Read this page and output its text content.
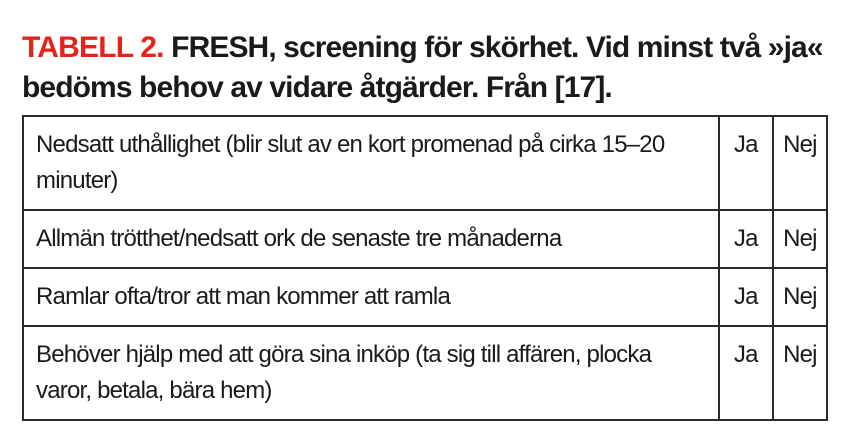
TABELL 2. FRESH, screening för skörhet. Vid minst två »ja« bedöms behov av vidare åtgärder. Från [17].
Nedsatt uthållighet (blir slut av en kort promenad på cirka 15–20 minuter)	Ja	Nej

Allmän trötthet/nedsatt ork de senaste tre månaderna	Ja	Nej

Ramlar ofta/tror att man kommer att ramla	Ja	Nej

Behöver hjälp med att göra sina inköp (ta sig till affären, plocka varor, betala, bära hem)	Ja	Nej
